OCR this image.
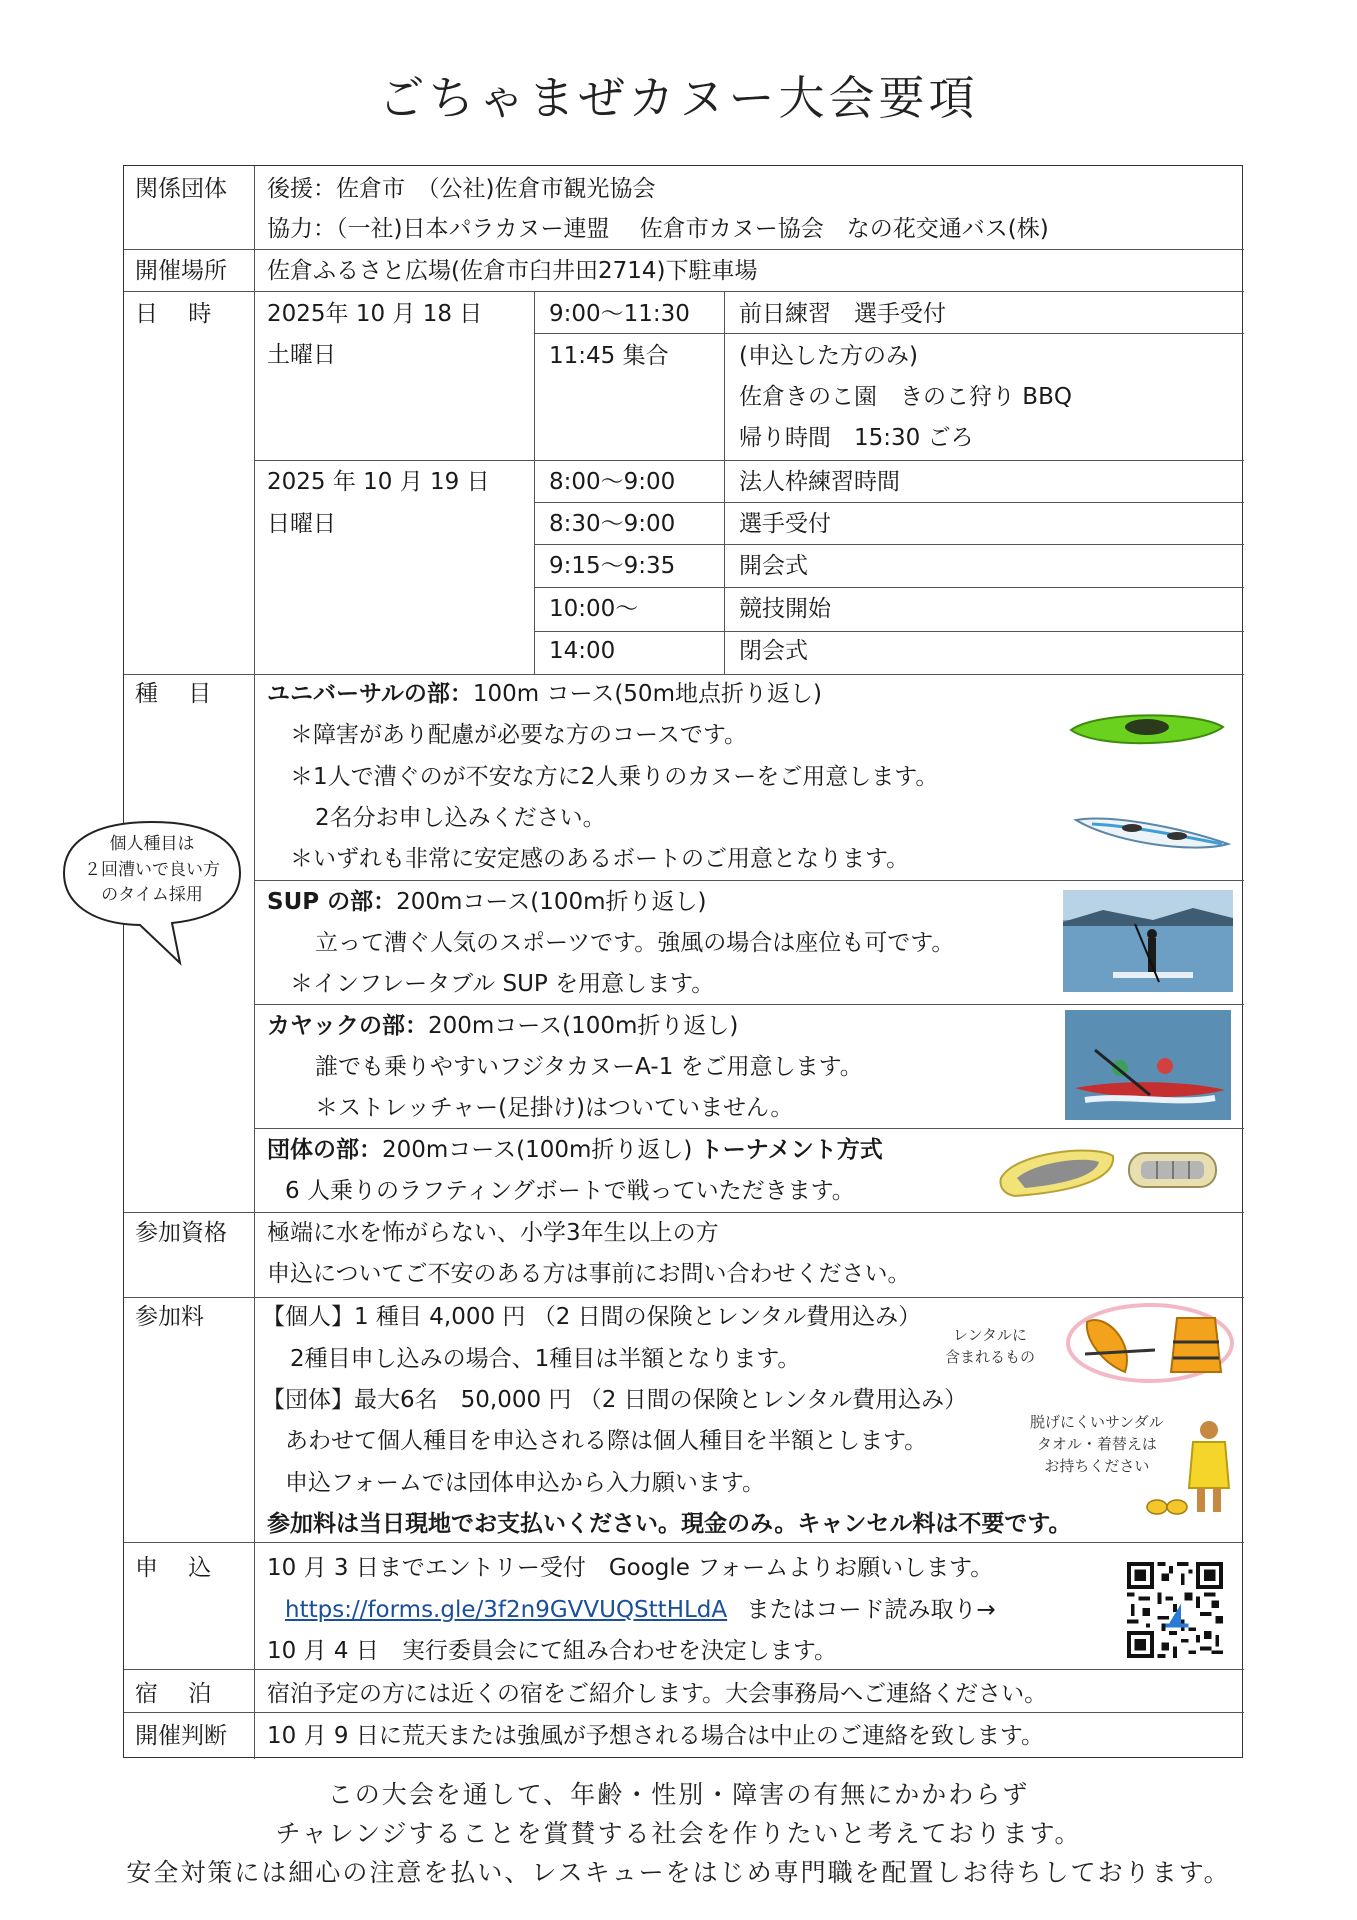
ごちゃまぜカヌー大会要項
関係団体 後援：佐倉市　（公社)佐倉市観光協会
協力：（一社)日本パラカヌー連盟　 佐倉市カヌー協会　なの花交通バス(株)
開催場所 佐倉ふるさと広場(佐倉市臼井田2714)下駐車場
日　 時 2025年 10 月 18 日
土曜日
9:00～11:30 前日練習　選手受付
11:45 集合	(申込した方のみ)
佐倉きのこ園　きのこ狩り BBQ
帰り時間　15:30 ごろ
2025 年 10 月 19 日
日曜日
8:00～9:00	法人枠練習時間
8:30～9:00	選手受付
9:15～9:35	開会式
10:00～	競技開始
14:00	閉会式
種　 目 ユニバーサルの部：100m コース(50m地点折り返し)
＊障害があり配慮が必要な方のコースです。
＊1人で漕ぐのが不安な方に2人乗りのカヌーをご用意します。
2名分お申し込みください。
＊いずれも非常に安定感のあるボートのご用意となります。
SUP の部：200mコース(100m折り返し)
立って漕ぐ人気のスポーツです。強風の場合は座位も可です。
＊インフレータブル SUP を用意します。
カヤックの部：200mコース(100m折り返し)
誰でも乗りやすいフジタカヌーA-1 をご用意します。
＊ストレッチャー(足掛け)はついていません。
団体の部：200mコース(100m折り返し) トーナメント方式
6 人乗りのラフティングボートで戦っていただきます。
参加資格 極端に水を怖がらない、小学3年生以上の方
申込についてご不安のある方は事前にお問い合わせください。
参加料	【個人】1 種目 4,000 円 （2 日間の保険とレンタル費用込み）
2種目申し込みの場合、1種目は半額となります。
【団体】最大6名　50,000 円 （2 日間の保険とレンタル費用込み）
あわせて個人種目を申込される際は個人種目を半額とします。
申込フォームでは団体申込から入力願います。
参加料は当日現地でお支払いください。現金のみ。キャンセル料は不要です。
申　 込 10 月 3 日までエントリー受付　Google フォームよりお願いします。
https://forms.gle/3f2n9GVVUQSttHLdA またはコード読み取り→
10 月 4 日　実行委員会にて組み合わせを決定します。
宿　 泊 宿泊予定の方には近くの宿をご紹介します。大会事務局へご連絡ください。
開催判断 10 月 9 日に荒天または強風が予想される場合は中止のご連絡を致します。
個人種目は
２回漕いで良い方
のタイム採用
レンタルに
含まれるもの
脱げにくいサンダル
タオル・着替えは
お持ちください
この大会を通して、年齢・性別・障害の有無にかかわらず
チャレンジすることを賞賛する社会を作りたいと考えております。
安全対策には細心の注意を払い、レスキューをはじめ専門職を配置しお待ちしております。
